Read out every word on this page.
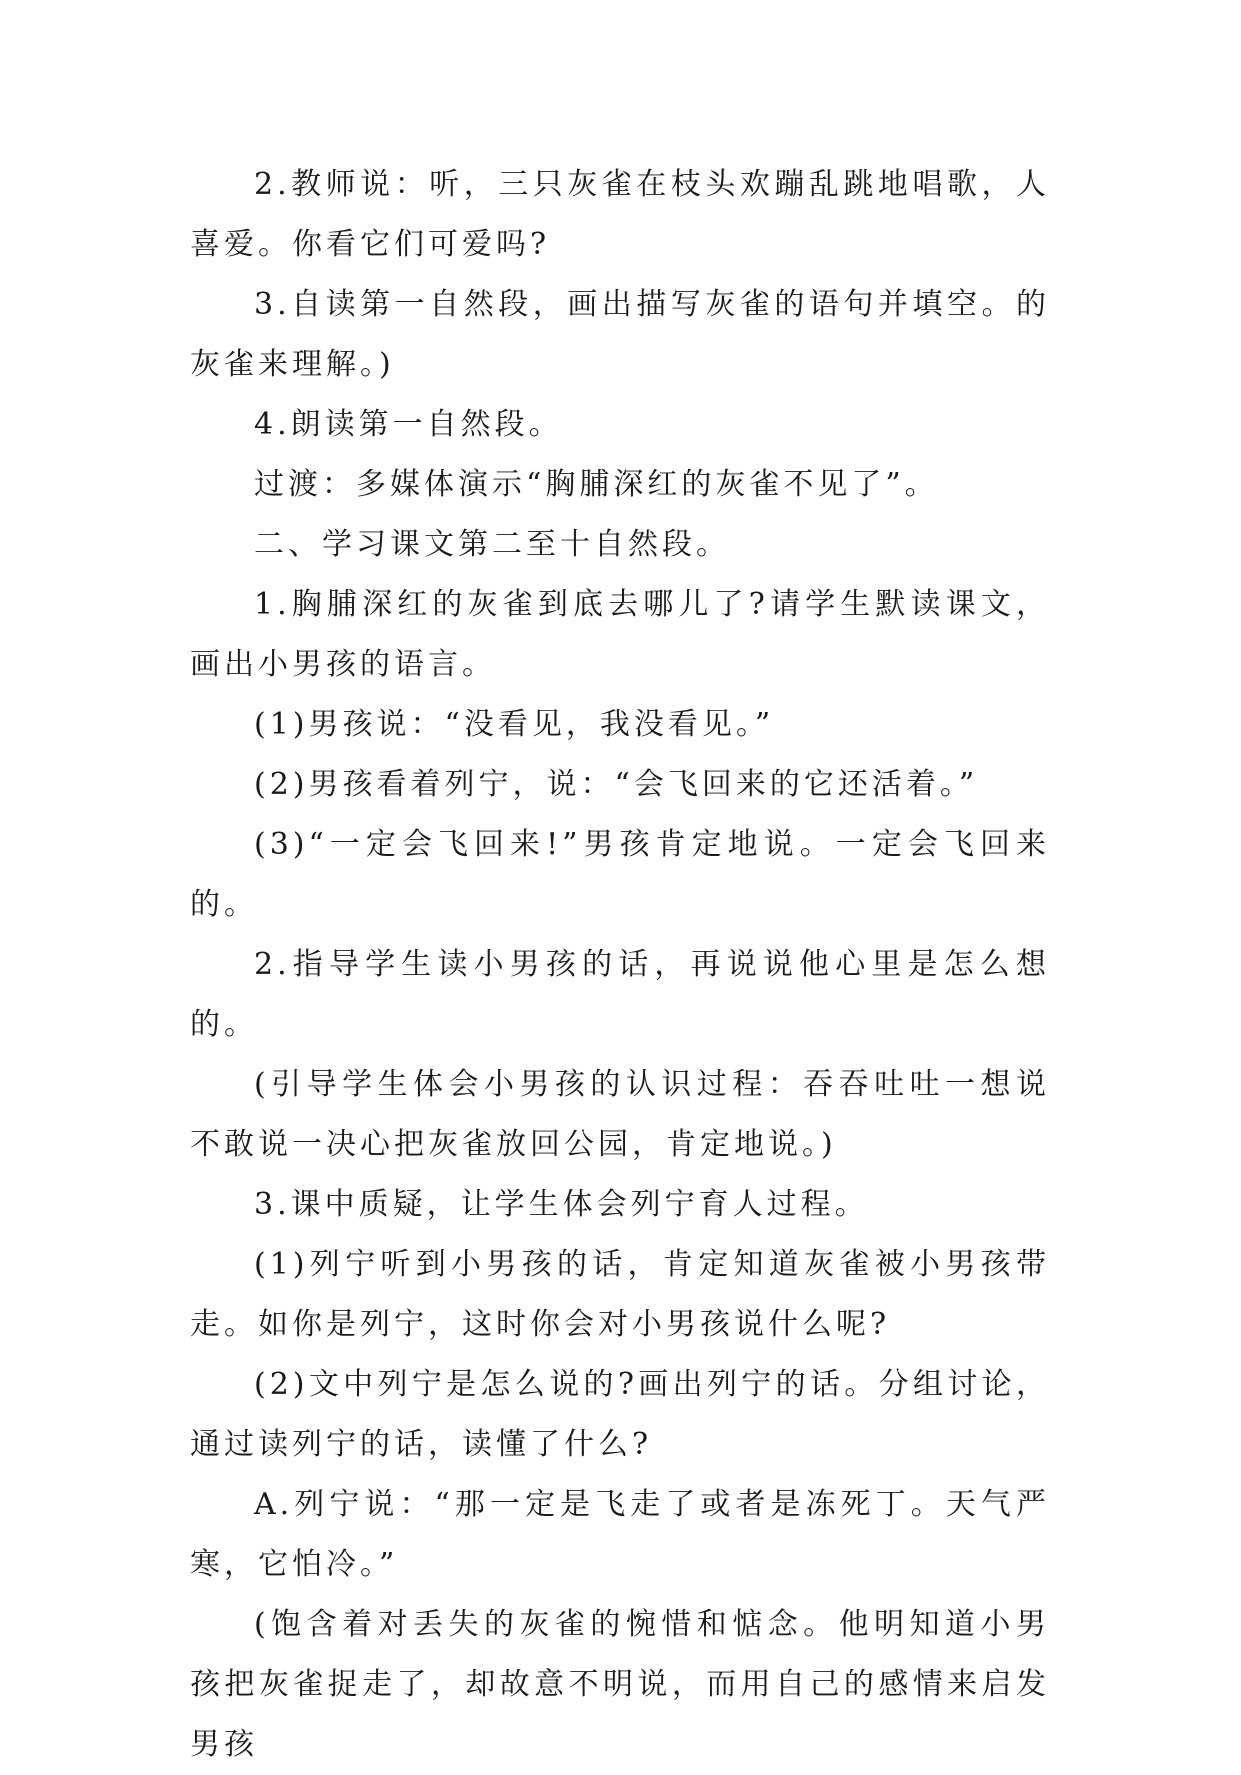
2.教师说：听，三只灰雀在枝头欢蹦乱跳地唱歌，人喜爱。你看它们可爱吗?

3.自读第一自然段，画出描写灰雀的语句并填空。的灰雀来理解。)

4.朗读第一自然段。

过渡：多媒体演示“胸脯深红的灰雀不见了”。

二、学习课文第二至十自然段。

1.胸脯深红的灰雀到底去哪儿了?请学生默读课文，画出小男孩的语言。

(1)男孩说：“没看见，我没看见。”

(2)男孩看着列宁，说：“会飞回来的它还活着。”

(3)“一定会飞回来!”男孩肯定地说。一定会飞回来的。

2.指导学生读小男孩的话，再说说他心里是怎么想的。

(引导学生体会小男孩的认识过程：吞吞吐吐一想说不敢说一决心把灰雀放回公园，肯定地说。)

3.课中质疑，让学生体会列宁育人过程。

(1)列宁听到小男孩的话，肯定知道灰雀被小男孩带走。如你是列宁，这时你会对小男孩说什么呢?

(2)文中列宁是怎么说的?画出列宁的话。分组讨论，通过读列宁的话，读懂了什么?

A.列宁说：“那一定是飞走了或者是冻死丁。天气严寒，它怕冷。”

(饱含着对丢失的灰雀的惋惜和惦念。他明知道小男孩把灰雀捉走了，却故意不明说，而用自己的感情来启发男孩
